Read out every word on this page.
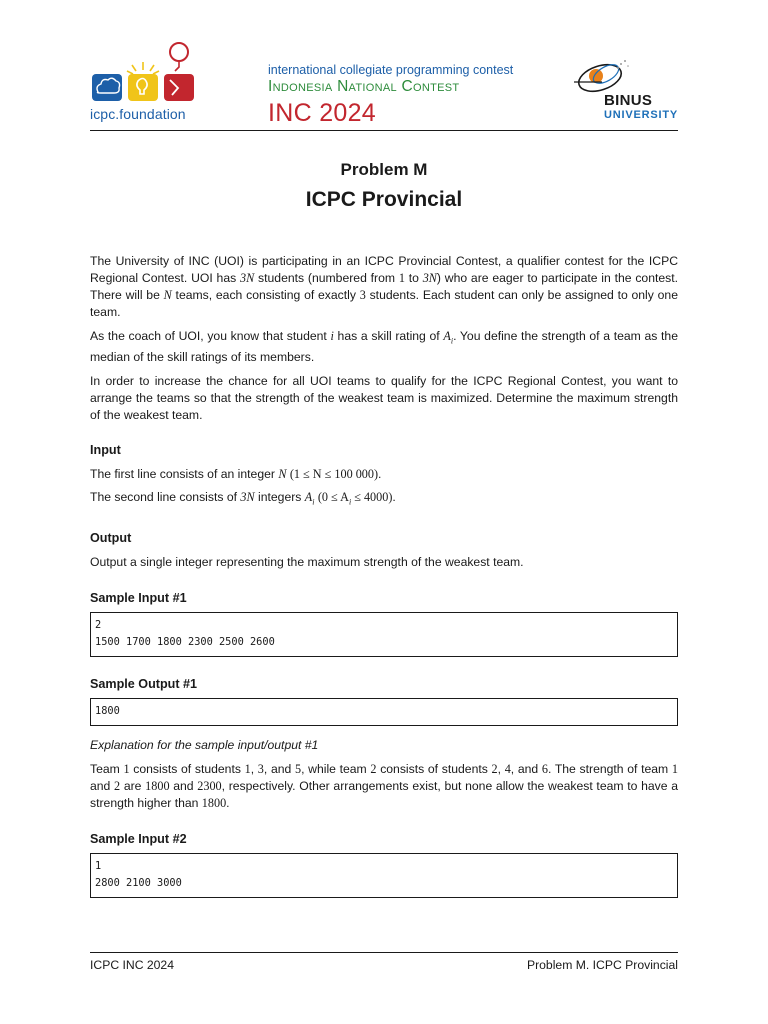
icpc.foundation
international collegiate programming contest
Indonesia National Contest
INC 2024	BINUS
UNIVERSITY
Problem M
ICPC Provincial

The University of INC (UOI) is participating in an ICPC Provincial Contest, a qualifier contest for the ICPC Regional Contest. UOI has 3N students (numbered from 1 to 3N) who are eager to participate in the contest. There will be N teams, each consisting of exactly 3 students. Each student can only be assigned to only one team.

As the coach of UOI, you know that student i has a skill rating of $A_i$. You define the strength of a team as the median of the skill ratings of its members.

In order to increase the chance for all UOI teams to qualify for the ICPC Regional Contest, you want to arrange the teams so that the strength of the weakest team is maximized. Determine the maximum strength of the weakest team.

Input

The first line consists of an integer N (1 ≤ N ≤ 100 000).

The second line consists of 3N integers $A_i$ $(0 \le A_i \le 4000)$.

Output

Output a single integer representing the maximum strength of the weakest team.

Sample Input #1
2
1500 1700 1800 2300 2500 2600
Sample Output #1
1800

Explanation for the sample input/output #1

Team 1 consists of students 1, 3, and 5, while team 2 consists of students 2, 4, and 6. The strength of team 1 and 2 are 1800 and 2300, respectively. Other arrangements exist, but none allow the weakest team to have a strength higher than 1800.

Sample Input #2
1
2800 2100 3000
ICPC INC 2024	Problem M. ICPC Provincial
